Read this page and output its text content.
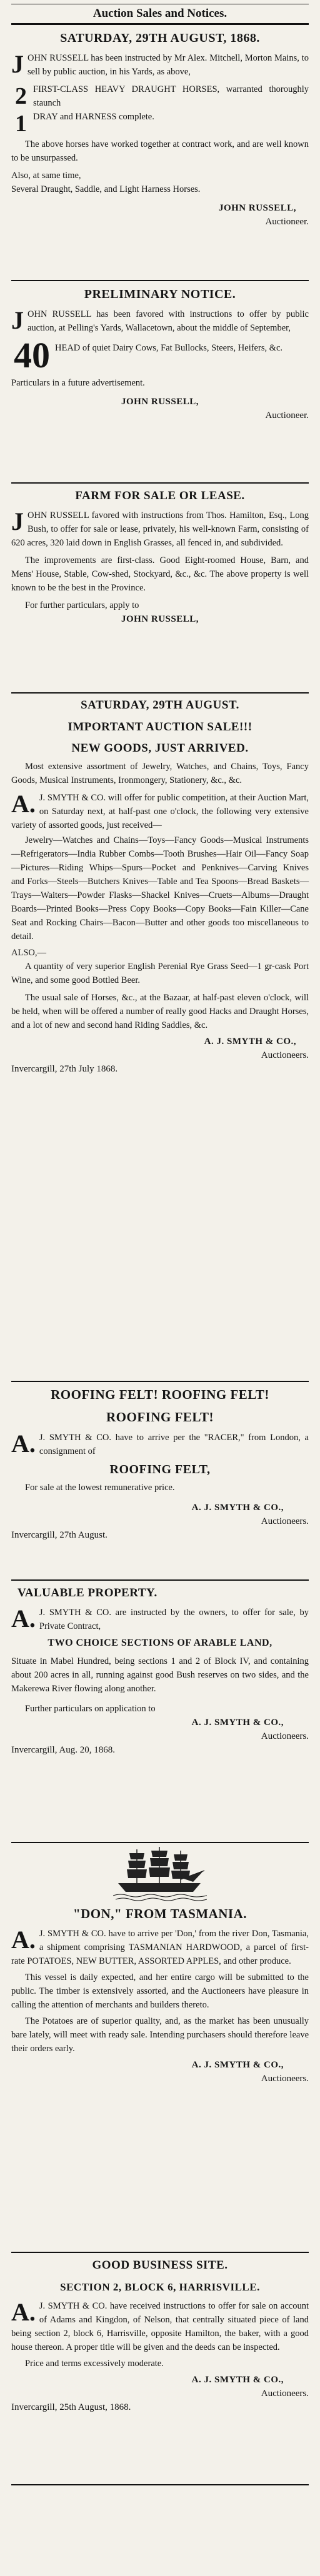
Auction Sales and Notices.
SATURDAY, 29TH AUGUST, 1868.

J OHN RUSSELL has been instructed by Mr Alex. Mitchell, Morton Mains, to sell by public auction, in his Yards, as above,

2
1

FIRST-CLASS HEAVY DRAUGHT HORSES, warranted thoroughly staunch

DRAY and HARNESS complete.

The above horses have worked together at contract work, and are well known to be unsurpassed.

Also, at same time,

Several Draught, Saddle, and Light Harness Horses.

JOHN RUSSELL,

Auctioneer.

PRELIMINARY NOTICE.

J OHN RUSSELL has been favored with instructions to offer by public auction, at Pelling's Yards, Wallacetown, about the middle of September,

40 HEAD of quiet Dairy Cows, Fat Bullocks, Steers, Heifers, &c.

Particulars in a future advertisement.

JOHN RUSSELL,

Auctioneer.

FARM FOR SALE OR LEASE.

J OHN RUSSELL favored with instructions from Thos. Hamilton, Esq., Long Bush, to offer for sale or lease, privately, his well-known Farm, consisting of 620 acres, 320 laid down in English Grasses, all fenced in, and subdivided.

The improvements are first-class. Good Eight-roomed House, Barn, and Mens' House, Stable, Cow-shed, Stockyard, &c., &c. The above property is well known to be the best in the Province.

For further particulars, apply to

JOHN RUSSELL,

SATURDAY, 29TH AUGUST.
IMPORTANT AUCTION SALE!!!
NEW GOODS, JUST ARRIVED.

Most extensive assortment of Jewelry, Watches, and Chains, Toys, Fancy Goods, Musical Instruments, Ironmongery, Stationery, &c., &c.

A. J. SMYTH & CO. will offer for public competition, at their Auction Mart, on Saturday next, at half-past one o'clock, the following very extensive variety of assorted goods, just received—

Jewelry—Watches and Chains—Toys—Fancy Goods—Musical Instruments—Refrigerators—India Rubber Combs—Tooth Brushes—Hair Oil—Fancy Soap—Pictures—Riding Whips—Spurs—Pocket and Penknives—Carving Knives and Forks—Steels—Butchers Knives—Table and Tea Spoons—Bread Baskets—Trays—Waiters—Powder Flasks—Shackel Knives—Cruets—Albums—Draught Boards—Printed Books—Press Copy Books—Copy Books—Fain Killer—Cane Seat and Rocking Chairs—Bacon—Butter and other goods too miscellaneous to detail.

ALSO,—

A quantity of very superior English Perenial Rye Grass Seed—1 gr-cask Port Wine, and some good Bottled Beer.

The usual sale of Horses, &c., at the Bazaar, at half-past eleven o'clock, will be held, when will be offered a number of really good Hacks and Draught Horses, and a lot of new and second hand Riding Saddles, &c.

A. J. SMYTH & CO.,

Auctioneers.

Invercargill, 27th July 1868.

ROOFING FELT! ROOFING FELT!
ROOFING FELT!

A. J. SMYTH & CO. have to arrive per the "RACER," from London, a consignment of

ROOFING FELT,

For sale at the lowest remunerative price.

A. J. SMYTH & CO.,

Auctioneers.

Invercargill, 27th August.

VALUABLE PROPERTY.

A. J. SMYTH & CO. are instructed by the owners, to offer for sale, by Private Contract,

TWO CHOICE SECTIONS OF ARABLE LAND,

Situate in Mabel Hundred, being sections 1 and 2 of Block IV, and containing about 200 acres in all, running against good Bush reserves on two sides, and the Makerewa River flowing along another.

Further particulars on application to

A. J. SMYTH & CO.,

Auctioneers.

Invercargill, Aug. 20, 1868.

"DON," FROM TASMANIA.

A. J. SMYTH & CO. have to arrive per 'Don,' from the river Don, Tasmania, a shipment comprising TASMANIAN HARDWOOD, a parcel of first-rate POTATOES, NEW BUTTER, ASSORTED APPLES, and other produce.

This vessel is daily expected, and her entire cargo will be submitted to the public. The timber is extensively assorted, and the Auctioneers have pleasure in calling the attention of merchants and builders thereto.

The Potatoes are of superior quality, and, as the market has been unusually bare lately, will meet with ready sale. Intending purchasers should therefore leave their orders early.

A. J. SMYTH & CO.,

Auctioneers.

GOOD BUSINESS SITE.
SECTION 2, BLOCK 6, HARRISVILLE.

A. J. SMYTH & CO. have received instructions to offer for sale on account of Adams and Kingdon, of Nelson, that centrally situated piece of land being section 2, block 6, Harrisville, opposite Hamilton, the baker, with a good house thereon. A proper title will be given and the deeds can be inspected.

Price and terms excessively moderate.

A. J. SMYTH & CO.,

Auctioneers.

Invercargill, 25th August, 1868.
